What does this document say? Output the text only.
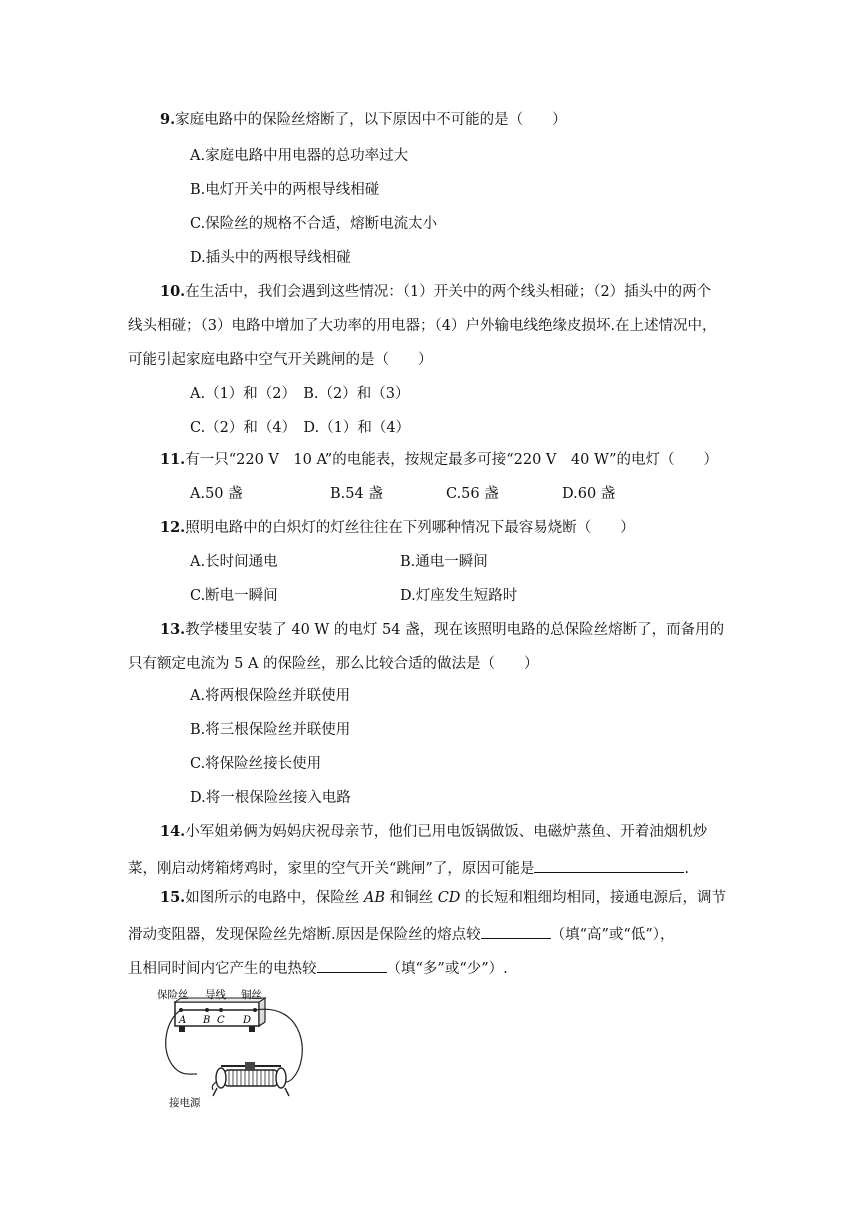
9.家庭电路中的保险丝熔断了，以下原因中不可能的是（　　）
A.家庭电路中用电器的总功率过大
B.电灯开关中的两根导线相碰
C.保险丝的规格不合适，熔断电流太小
D.插头中的两根导线相碰
10.在生活中，我们会遇到这些情况：（1）开关中的两个线头相碰；（2）插头中的两个
线头相碰；（3）电路中增加了大功率的用电器；（4）户外输电线绝缘皮损坏.在上述情况中，
可能引起家庭电路中空气开关跳闸的是（　　）
A.（1）和（2）　B.（2）和（3）
C.（2）和（4）　D.（1）和（4）
11.有一只“220 V　10 A”的电能表，按规定最多可接“220 V　40 W”的电灯（　　）
A.50 盏	B.54 盏	C.56 盏	D.60 盏
12.照明电路中的白炽灯的灯丝往往在下列哪种情况下最容易烧断（　　）
A.长时间通电	B.通电一瞬间
C.断电一瞬间	D.灯座发生短路时
13.教学楼里安装了 40 W 的电灯 54 盏，现在该照明电路的总保险丝熔断了，而备用的
只有额定电流为 5 A 的保险丝，那么比较合适的做法是（　　）
A.将两根保险丝并联使用
B.将三根保险丝并联使用
C.将保险丝接长使用
D.将一根保险丝接入电路
14.小军姐弟俩为妈妈庆祝母亲节，他们已用电饭锅做饭、电磁炉蒸鱼、开着油烟机炒
菜，刚启动烤箱烤鸡时，家里的空气开关“跳闸”了，原因可能是	.
15.如图所示的电路中，保险丝 AB 和铜丝 CD 的长短和粗细均相同，接通电源后，调节
滑动变阻器，发现保险丝先熔断.原因是保险丝的熔点较	（填“高”或“低”），
且相同时间内它产生的电热较	（填“多”或“少”）.
保险丝 导线 铜丝
A B C D
接电源
